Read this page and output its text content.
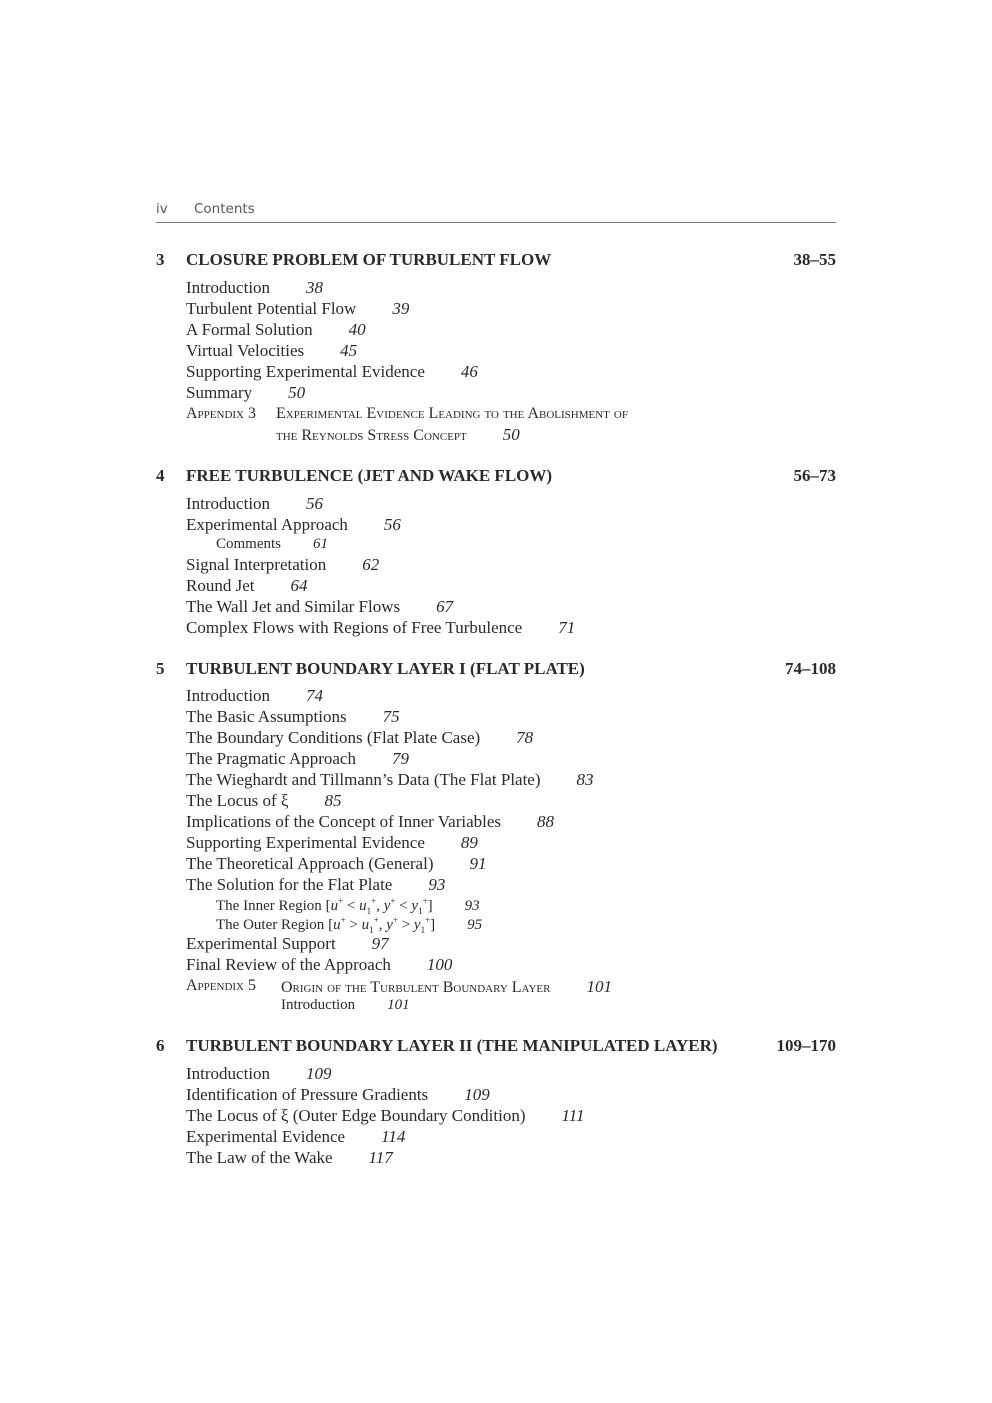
iv Contents
3 CLOSURE PROBLEM OF TURBULENT FLOW	38–55
Introduction 38
Turbulent Potential Flow 39
A Formal Solution 40
Virtual Velocities 45
Supporting Experimental Evidence 46
Summary 50
Appendix 3 Experimental Evidence Leading to the Abolishment of
the Reynolds Stress Concept 50
4 FREE TURBULENCE (JET AND WAKE FLOW)	56–73
Introduction 56
Experimental Approach 56
Comments 61
Signal Interpretation 62
Round Jet 64
The Wall Jet and Similar Flows 67
Complex Flows with Regions of Free Turbulence 71
5 TURBULENT BOUNDARY LAYER I (FLAT PLATE)	74–108
Introduction 74
The Basic Assumptions 75
The Boundary Conditions (Flat Plate Case) 78
The Pragmatic Approach 79
The Wieghardt and Tillmann’s Data (The Flat Plate) 83
The Locus of ξ 85
Implications of the Concept of Inner Variables 88
Supporting Experimental Evidence 89
The Theoretical Approach (General) 91
The Solution for the Flat Plate 93
The Inner Region [$u^+ < u_1^+$, $y^+ < y_1^+$] 93
The Outer Region [$u^+ > u_1^+$, $y^+ > y_1^+$] 95
Experimental Support 97
Final Review of the Approach 100
Appendix 5 Origin of the Turbulent Boundary Layer 101
Introduction 101
6 TURBULENT BOUNDARY LAYER II (THE MANIPULATED LAYER)	109–170
Introduction 109
Identification of Pressure Gradients 109
The Locus of ξ (Outer Edge Boundary Condition) 111
Experimental Evidence 114
The Law of the Wake 117
